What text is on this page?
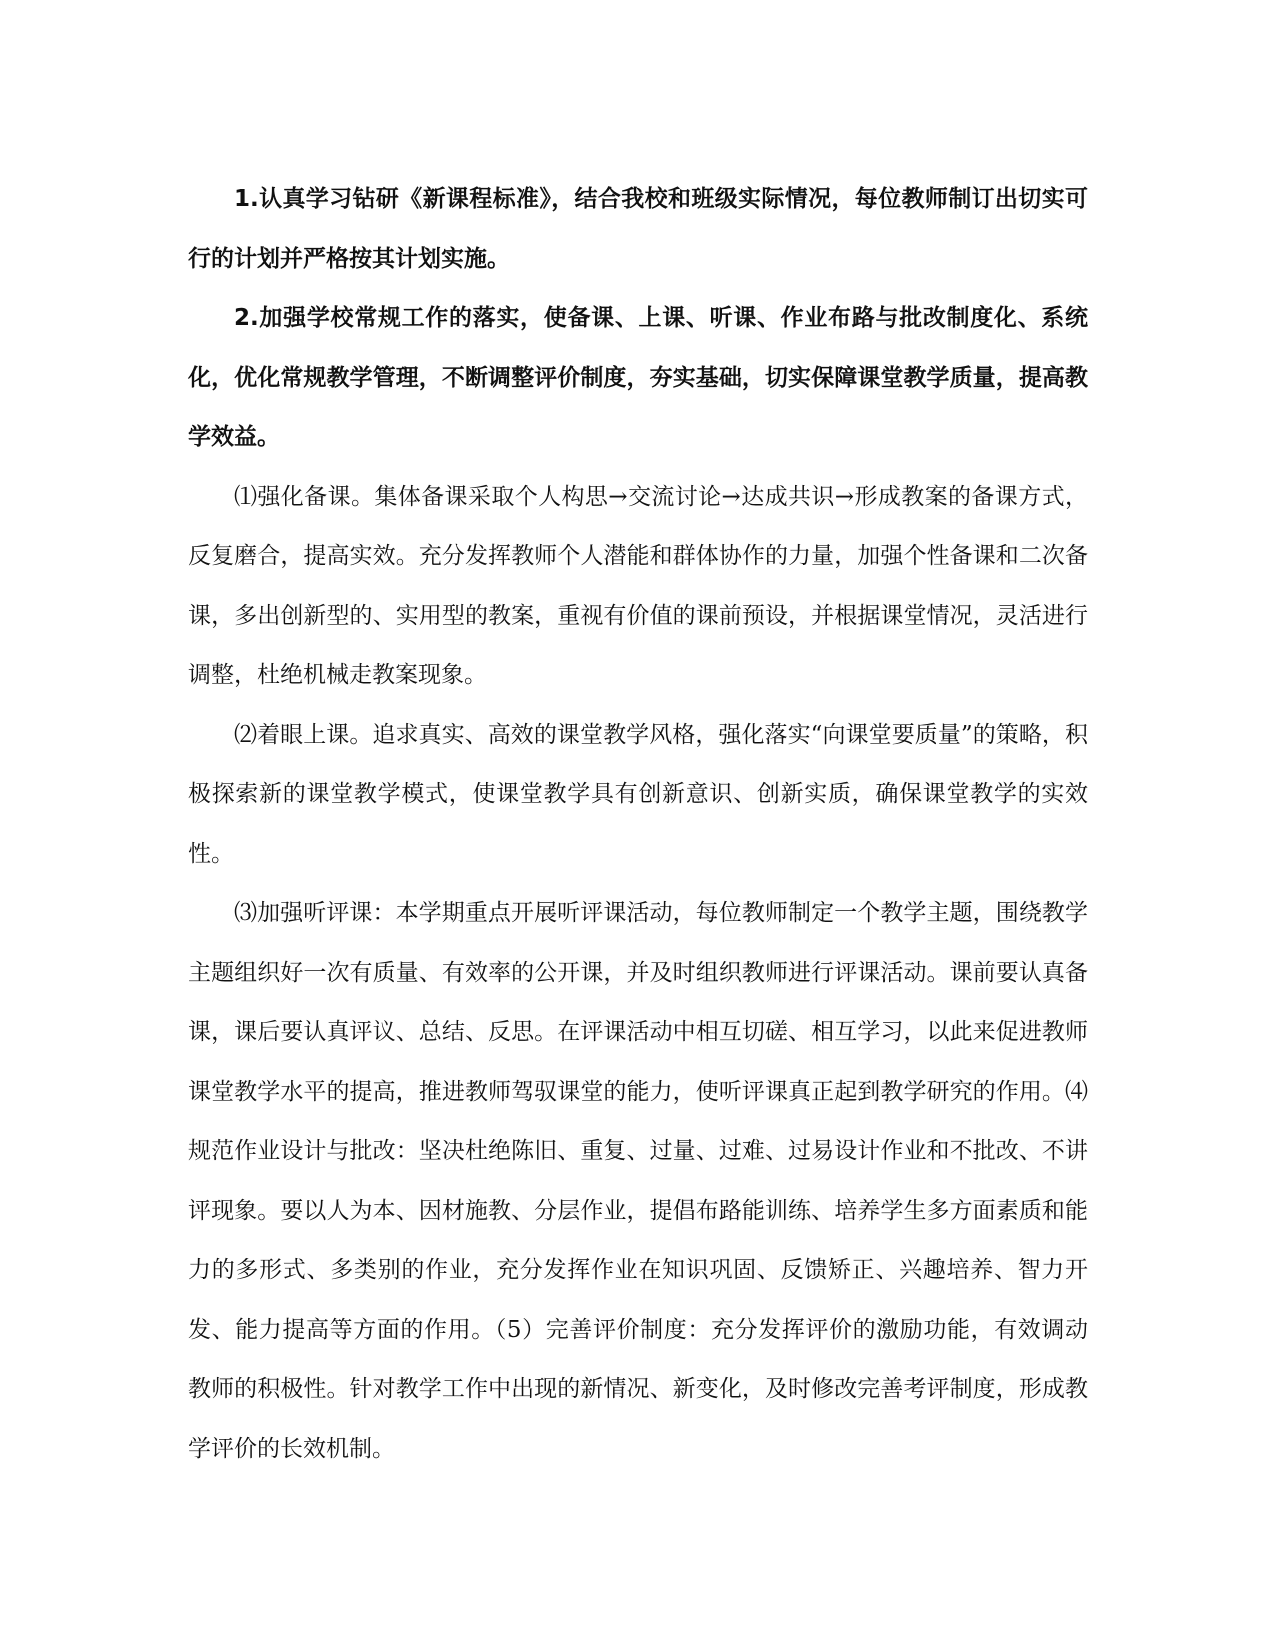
1.认真学习钻研《新课程标准》，结合我校和班级实际情况，每位教师制订出切实可行的计划并严格按其计划实施。

2.加强学校常规工作的落实，使备课、上课、听课、作业布路与批改制度化、系统化，优化常规教学管理，不断调整评价制度，夯实基础，切实保障课堂教学质量，提高教学效益。

⑴强化备课。集体备课采取个人构思→交流讨论→达成共识→形成教案的备课方式，反复磨合，提高实效。充分发挥教师个人潜能和群体协作的力量，加强个性备课和二次备课，多出创新型的、实用型的教案，重视有价值的课前预设，并根据课堂情况，灵活进行调整，杜绝机械走教案现象。

⑵着眼上课。追求真实、高效的课堂教学风格，强化落实“向课堂要质量”的策略，积极探索新的课堂教学模式，使课堂教学具有创新意识、创新实质，确保课堂教学的实效性。

⑶加强听评课：本学期重点开展听评课活动，每位教师制定一个教学主题，围绕教学主题组织好一次有质量、有效率的公开课，并及时组织教师进行评课活动。课前要认真备课，课后要认真评议、总结、反思。在评课活动中相互切磋、相互学习，以此来促进教师课堂教学水平的提高，推进教师驾驭课堂的能力，使听评课真正起到教学研究的作用。⑷规范作业设计与批改：坚决杜绝陈旧、重复、过量、过难、过易设计作业和不批改、不讲评现象。要以人为本、因材施教、分层作业，提倡布路能训练、培养学生多方面素质和能力的多形式、多类别的作业，充分发挥作业在知识巩固、反馈矫正、兴趣培养、智力开发、能力提高等方面的作用。（5）完善评价制度：充分发挥评价的激励功能，有效调动教师的积极性。针对教学工作中出现的新情况、新变化，及时修改完善考评制度，形成教学评价的长效机制。
